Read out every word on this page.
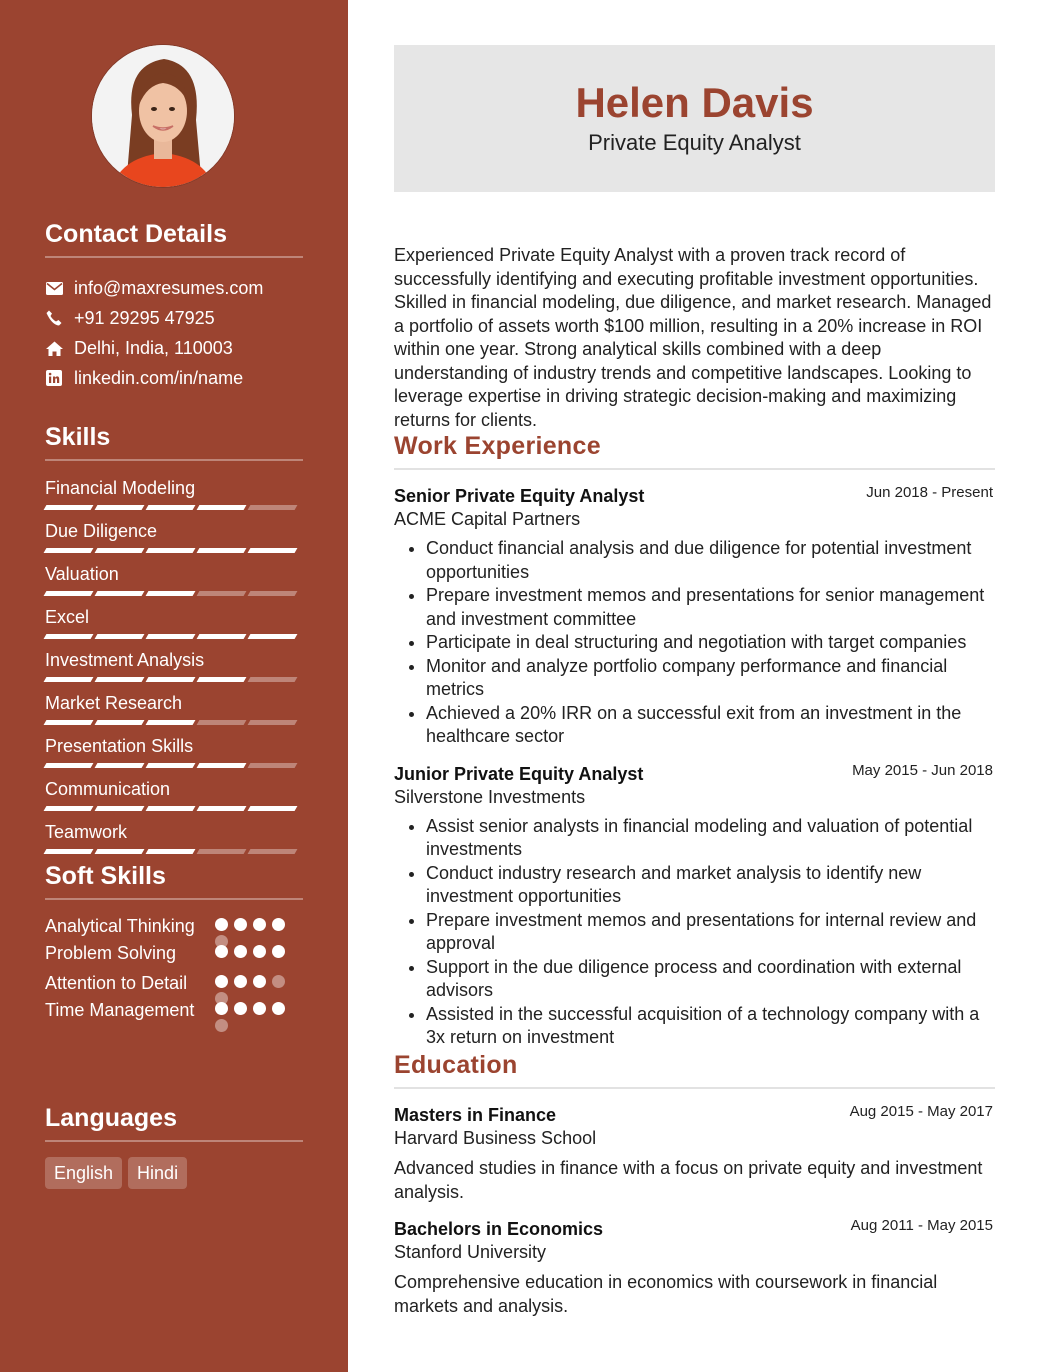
Contact Details
info@maxresumes.com
+91 29295 47925
Delhi, India, 110003
linkedin.com/in/name
Skills
Financial Modeling
Due Diligence
Valuation
Excel
Investment Analysis
Market Research
Presentation Skills
Communication
Teamwork
Soft Skills
Analytical Thinking
Problem Solving
Attention to Detail
Time Management
Languages
English	Hindi
Helen Davis
Private Equity Analyst
Experienced Private Equity Analyst with a proven track record of successfully identifying and executing profitable investment opportunities. Skilled in financial modeling, due diligence, and market research. Managed a portfolio of assets worth $100 million, resulting in a 20% increase in ROI within one year. Strong analytical skills combined with a deep understanding of industry trends and competitive landscapes. Looking to leverage expertise in driving strategic decision-making and maximizing returns for clients.
Work Experience
Senior Private Equity Analyst	Jun 2018 - Present
ACME Capital Partners
• Conduct financial analysis and due diligence for potential investment opportunities
• Prepare investment memos and presentations for senior management and investment committee
• Participate in deal structuring and negotiation with target companies
• Monitor and analyze portfolio company performance and financial metrics
• Achieved a 20% IRR on a successful exit from an investment in the healthcare sector
Junior Private Equity Analyst	May 2015 - Jun 2018
Silverstone Investments
• Assist senior analysts in financial modeling and valuation of potential investments
• Conduct industry research and market analysis to identify new investment opportunities
• Prepare investment memos and presentations for internal review and approval
• Support in the due diligence process and coordination with external advisors
• Assisted in the successful acquisition of a technology company with a 3x return on investment
Education
Masters in Finance	Aug 2015 - May 2017
Harvard Business School
Advanced studies in finance with a focus on private equity and investment analysis.
Bachelors in Economics	Aug 2011 - May 2015
Stanford University
Comprehensive education in economics with coursework in financial markets and analysis.
